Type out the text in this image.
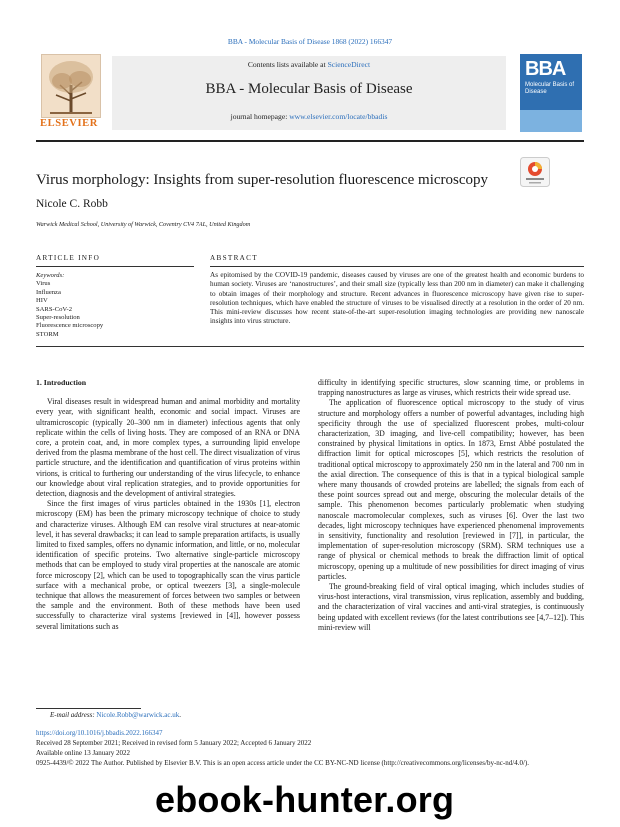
BBA - Molecular Basis of Disease 1868 (2022) 166347
ELSEVIER
Contents lists available at ScienceDirect
BBA - Molecular Basis of Disease
journal homepage: www.elsevier.com/locate/bbadis
BBA
Molecular Basis of Disease
Virus morphology: Insights from super-resolution fluorescence microscopy
Nicole C. Robb
Warwick Medical School, University of Warwick, Coventry CV4 7AL, United Kingdom
ARTICLE INFO	ABSTRACT
Keywords:
Virus
Influenza
HIV
SARS-CoV-2
Super-resolution
Fluorescence microscopy
STORM
As epitomised by the COVID-19 pandemic, diseases caused by viruses are one of the greatest health and economic burdens to human society. Viruses are ‘nanostructures’, and their small size (typically less than 200 nm in diameter) can make it challenging to obtain images of their morphology and structure. Recent advances in fluorescence microscopy have given rise to super-resolution techniques, which have enabled the structure of viruses to be visualised directly at a resolution in the order of 20 nm. This mini-review discusses how recent state-of-the-art super-resolution imaging technologies are providing new nanoscale insights into virus structure.
1. Introduction

Viral diseases result in widespread human and animal morbidity and mortality every year, with significant health, economic and social impact. Viruses are ultramicroscopic (typically 20–300 nm in diameter) infectious agents that only replicate within the cells of living hosts. They are composed of an RNA or DNA core, a protein coat, and, in more complex types, a surrounding lipid envelope derived from the plasma membrane of the host cell. The direct visualization of virus particle structure, and the identification and quantification of virus proteins within virions, is critical to furthering our understanding of the virus lifecycle, to enhance our knowledge about viral replication strategies, and to provide opportunities for detection, diagnosis and the development of antiviral strategies.

Since the first images of virus particles obtained in the 1930s [1], electron microscopy (EM) has been the primary microscopy technique of choice to study and characterize viruses. Although EM can resolve viral structures at near-atomic level, it has several drawbacks; it can lead to sample preparation artifacts, is usually limited to fixed samples, offers no dynamic information, and little, or no, molecular identification of specific proteins. Two alternative single-particle microscopy methods that can be employed to study viral properties at the nanoscale are atomic force microscopy [2], which can be used to topographically scan the virus particle surface with a mechanical probe, or optical tweezers [3], a single-molecule technique that allows the measurement of forces between two samples or between the sample and the environment. Both of these methods have been used successfully to characterize viral systems [reviewed in [4]], however possess several limitations such as

difficulty in identifying specific structures, slow scanning time, or problems in trapping nanostructures as large as viruses, which restricts their wide spread use.

The application of fluorescence optical microscopy to the study of virus structure and morphology offers a number of powerful advantages, including high specificity through the use of specialized fluorescent probes, multi-colour characterization, 3D imaging, and live-cell compatibility; however, has been constrained by physical limitations in optics. In 1873, Ernst Abbé postulated the diffraction limit for optical microscopes [5], which restricts the resolution of traditional optical microscopy to approximately 250 nm in the lateral and 700 nm in the axial direction. The consequence of this is that in a typical biological sample where many thousands of crowded proteins are labelled; the signals from each of these point sources spread out and merge, obscuring the molecular details of the sample. This phenomenon becomes particularly problematic when studying nanoscale macromolecular complexes, such as viruses [6]. Over the last two decades, light microscopy techniques have experienced phenomenal improvements in sensitivity, functionality and resolution [reviewed in [7]], in particular, the implementation of super-resolution microscopy (SRM). SRM techniques use a range of physical or chemical methods to break the diffraction limit of optical microscopy, opening up a multitude of new possibilities for direct imaging of virus particles.

The ground-breaking field of viral optical imaging, which includes studies of virus-host interactions, viral transmission, virus replication, assembly and budding, and the characterization of viral vaccines and anti-viral strategies, is continuously being updated with excellent reviews (for the latest contributions see [4,7–12]). This mini-review will

E-mail address: Nicole.Robb@warwick.ac.uk.
https://doi.org/10.1016/j.bbadis.2022.166347
Received 28 September 2021; Received in revised form 5 January 2022; Accepted 6 January 2022
Available online 13 January 2022
0925-4439/© 2022 The Author. Published by Elsevier B.V. This is an open access article under the CC BY-NC-ND license (http://creativecommons.org/licenses/by-nc-nd/4.0/).
ebook-hunter.org
